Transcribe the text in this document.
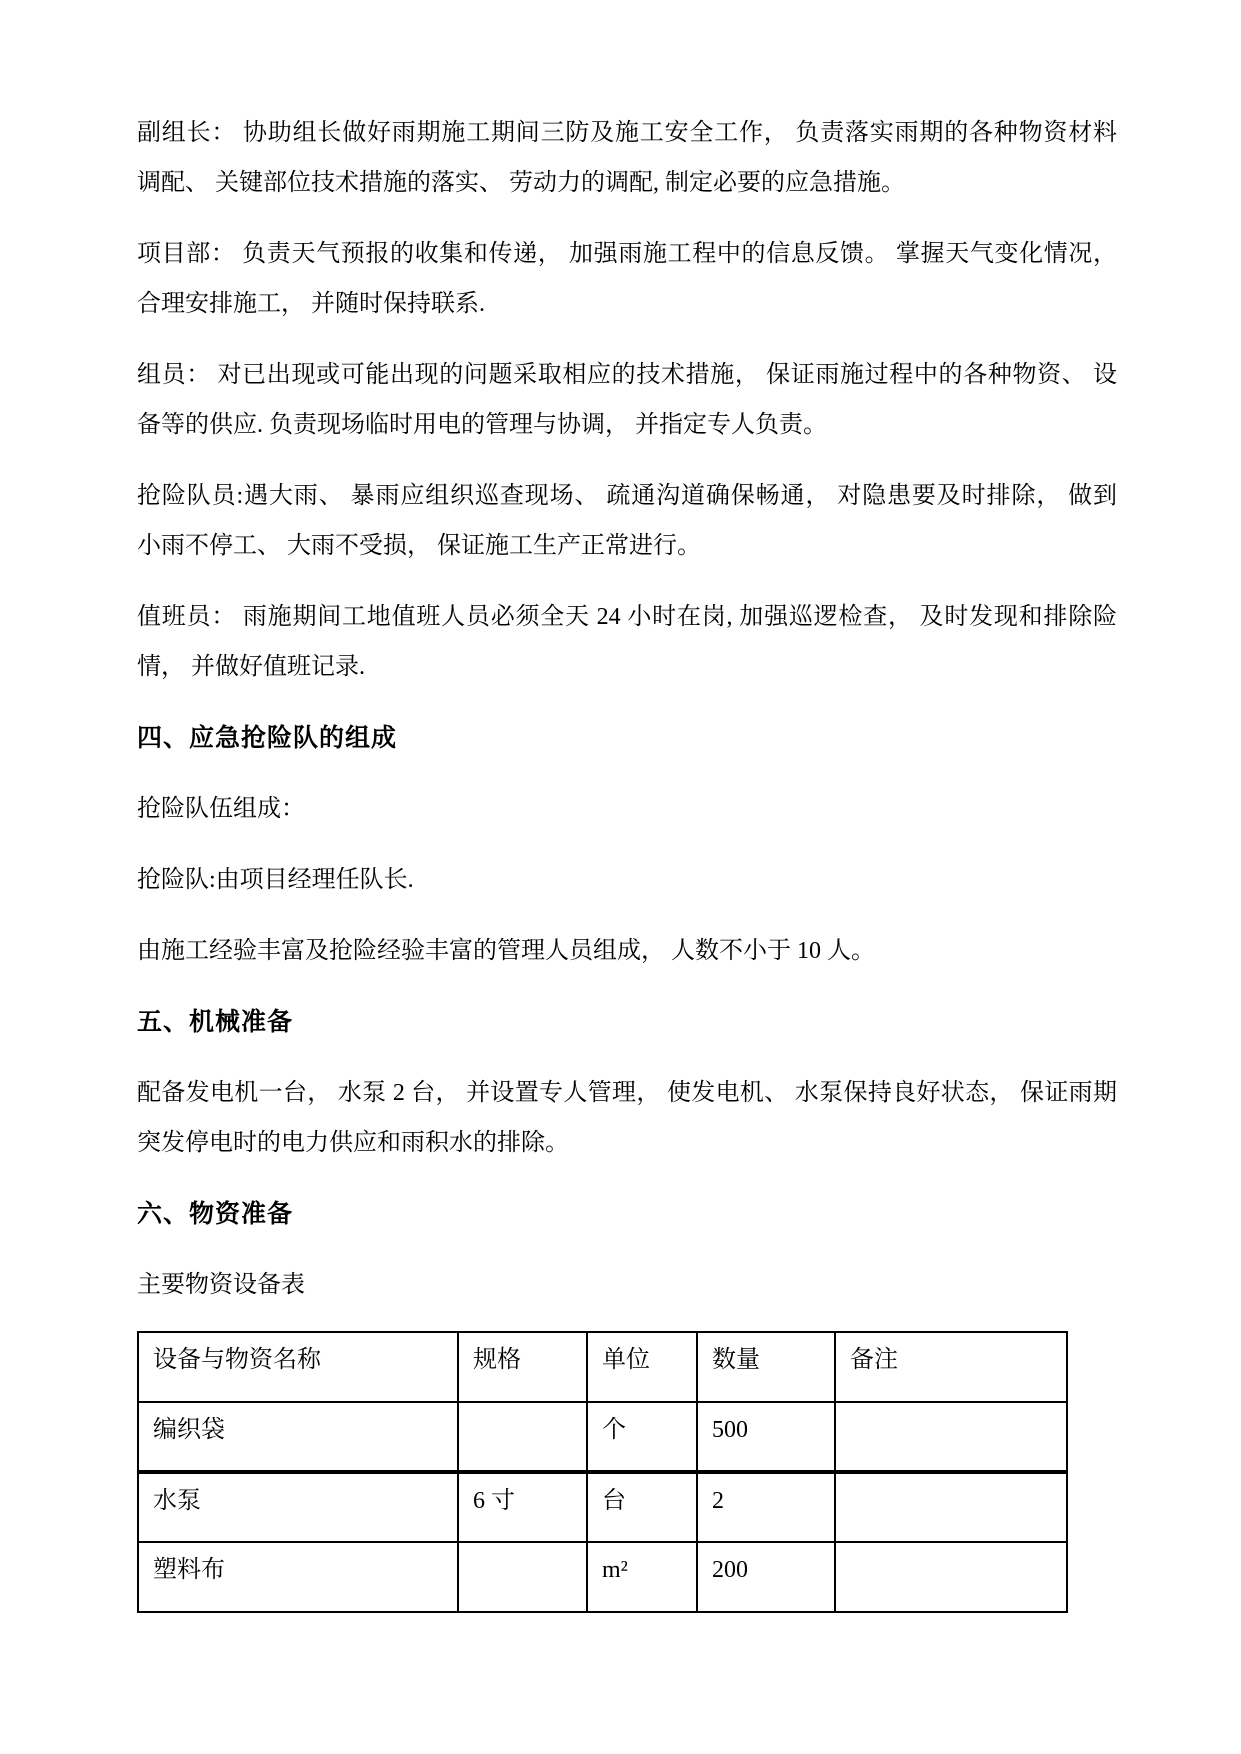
副组长： 协助组长做好雨期施工期间三防及施工安全工作， 负责落实雨期的各种物资材料
调配、 关键部位技术措施的落实、 劳动力的调配, 制定必要的应急措施。
项目部： 负责天气预报的收集和传递， 加强雨施工程中的信息反馈。 掌握天气变化情况，
合理安排施工， 并随时保持联系.
组员： 对已出现或可能出现的问题采取相应的技术措施， 保证雨施过程中的各种物资、 设
备等的供应. 负责现场临时用电的管理与协调， 并指定专人负责。
抢险队员:遇大雨、 暴雨应组织巡查现场、 疏通沟道确保畅通， 对隐患要及时排除， 做到
小雨不停工、 大雨不受损， 保证施工生产正常进行。
值班员： 雨施期间工地值班人员必须全天 24 小时在岗, 加强巡逻检查， 及时发现和排除险
情， 并做好值班记录.
四、应急抢险队的组成
抢险队伍组成：
抢险队:由项目经理任队长.
由施工经验丰富及抢险经验丰富的管理人员组成， 人数不小于 10 人。
五、机械准备
配备发电机一台， 水泵 2 台， 并设置专人管理， 使发电机、 水泵保持良好状态， 保证雨期
突发停电时的电力供应和雨积水的排除。
六、物资准备
主要物资设备表
设备与物资名称	规格	单位	数量	备注
编织袋		个	500	
水泵	6 寸	台	2	
塑料布		m²	200	
